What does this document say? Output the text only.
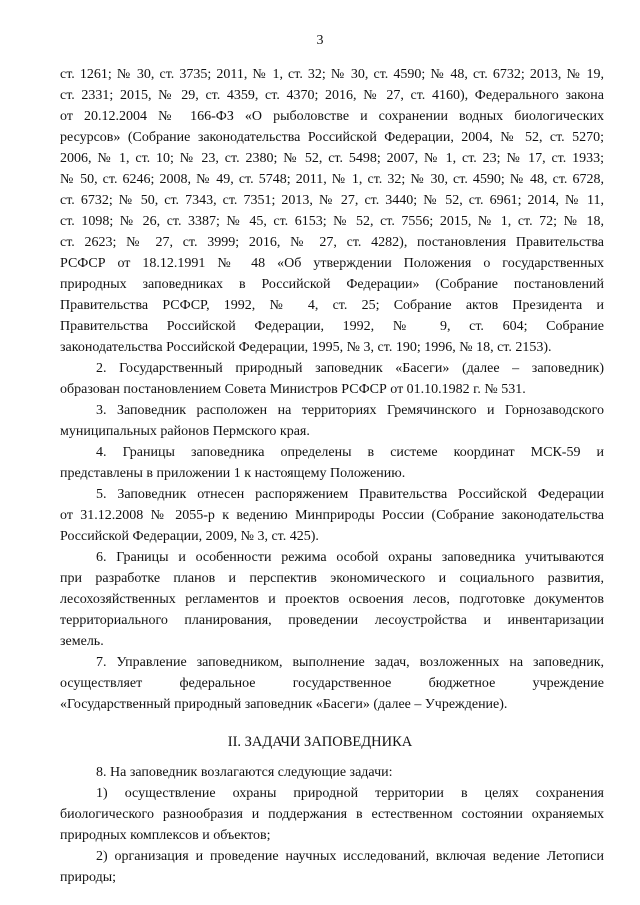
3
ст. 1261; № 30, ст. 3735; 2011, № 1, ст. 32; № 30, ст. 4590; № 48, ст. 6732; 2013, № 19,
ст. 2331; 2015, № 29, ст. 4359, ст. 4370; 2016, № 27, ст. 4160), Федерального закона
от 20.12.2004 № 166-ФЗ «О рыболовстве и сохранении водных биологических
ресурсов» (Собрание законодательства Российской Федерации, 2004, № 52, ст. 5270;
2006, № 1, ст. 10; № 23, ст. 2380; № 52, ст. 5498; 2007, № 1, ст. 23; № 17, ст. 1933;
№ 50, ст. 6246; 2008, № 49, ст. 5748; 2011, № 1, ст. 32; № 30, ст. 4590; № 48, ст. 6728,
ст. 6732; № 50, ст. 7343, ст. 7351; 2013, № 27, ст. 3440; № 52, ст. 6961; 2014, № 11,
ст. 1098; № 26, ст. 3387; № 45, ст. 6153; № 52, ст. 7556; 2015, № 1, ст. 72; № 18,
ст. 2623; № 27, ст. 3999; 2016, № 27, ст. 4282), постановления Правительства
РСФСР от 18.12.1991 № 48 «Об утверждении Положения о государственных
природных заповедниках в Российской Федерации» (Собрание постановлений
Правительства РСФСР, 1992, № 4, ст. 25; Собрание актов Президента и
Правительства Российской Федерации, 1992, № 9, ст. 604; Собрание
законодательства Российской Федерации, 1995, № 3, ст. 190; 1996, № 18, ст. 2153).
2. Государственный природный заповедник «Басеги» (далее – заповедник)
образован постановлением Совета Министров РСФСР от 01.10.1982 г. № 531.
3. Заповедник расположен на территориях Гремячинского и Горнозаводского
муниципальных районов Пермского края.
4. Границы заповедника определены в системе координат МСК-59 и
представлены в приложении 1 к настоящему Положению.
5. Заповедник отнесен распоряжением Правительства Российской Федерации
от 31.12.2008 № 2055-р к ведению Минприроды России (Собрание законодательства
Российской Федерации, 2009, № 3, ст. 425).
6. Границы и особенности режима особой охраны заповедника учитываются
при разработке планов и перспектив экономического и социального развития,
лесохозяйственных регламентов и проектов освоения лесов, подготовке документов
территориального планирования, проведении лесоустройства и инвентаризации
земель.
7. Управление заповедником, выполнение задач, возложенных на заповедник,
осуществляет федеральное государственное бюджетное учреждение
«Государственный природный заповедник «Басеги» (далее – Учреждение).
II. ЗАДАЧИ ЗАПОВЕДНИКА
8. На заповедник возлагаются следующие задачи:
1) осуществление охраны природной территории в целях сохранения
биологического разнообразия и поддержания в естественном состоянии охраняемых
природных комплексов и объектов;
2) организация и проведение научных исследований, включая ведение Летописи
природы;
